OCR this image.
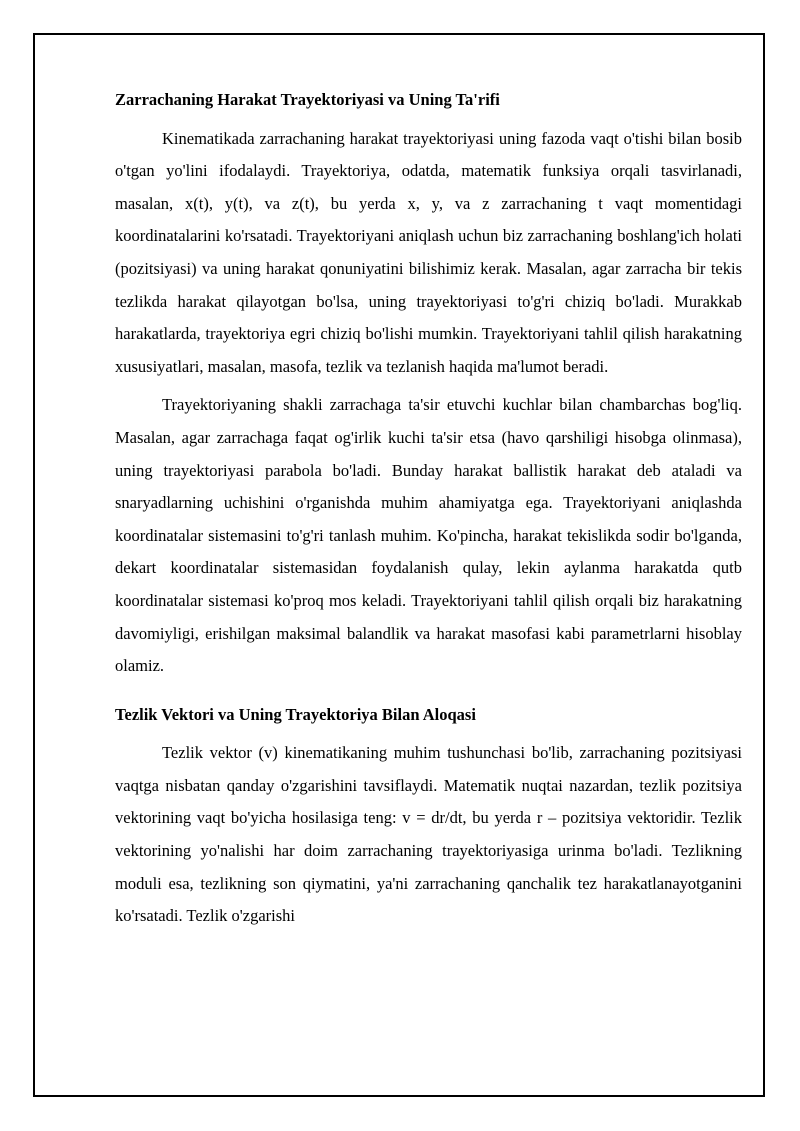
Zarrachaning Harakat Trayektoriyasi va Uning Ta'rifi

Kinematikada zarrachaning harakat trayektoriyasi uning fazoda vaqt o'tishi bilan bosib o'tgan yo'lini ifodalaydi. Trayektoriya, odatda, matematik funksiya orqali tasvirlanadi, masalan, x(t), y(t), va z(t), bu yerda x, y, va z zarrachaning t vaqt momentidagi koordinatalarini ko'rsatadi. Trayektoriyani aniqlash uchun biz zarrachaning boshlang'ich holati (pozitsiyasi) va uning harakat qonuniyatini bilishimiz kerak. Masalan, agar zarracha bir tekis tezlikda harakat qilayotgan bo'lsa, uning trayektoriyasi to'g'ri chiziq bo'ladi. Murakkab harakatlarda, trayektoriya egri chiziq bo'lishi mumkin. Trayektoriyani tahlil qilish harakatning xususiyatlari, masalan, masofa, tezlik va tezlanish haqida ma'lumot beradi.

Trayektoriyaning shakli zarrachaga ta'sir etuvchi kuchlar bilan chambarchas bog'liq. Masalan, agar zarrachaga faqat og'irlik kuchi ta'sir etsa (havo qarshiligi hisobga olinmasa), uning trayektoriyasi parabola bo'ladi. Bunday harakat ballistik harakat deb ataladi va snaryadlarning uchishini o'rganishda muhim ahamiyatga ega. Trayektoriyani aniqlashda koordinatalar sistemasini to'g'ri tanlash muhim. Ko'pincha, harakat tekislikda sodir bo'lganda, dekart koordinatalar sistemasidan foydalanish qulay, lekin aylanma harakatda qutb koordinatalar sistemasi ko'proq mos keladi. Trayektoriyani tahlil qilish orqali biz harakatning davomiyligi, erishilgan maksimal balandlik va harakat masofasi kabi parametrlarni hisoblay olamiz.

Tezlik Vektori va Uning Trayektoriya Bilan Aloqasi

Tezlik vektor (v) kinematikaning muhim tushunchasi bo'lib, zarrachaning pozitsiyasi vaqtga nisbatan qanday o'zgarishini tavsiflaydi. Matematik nuqtai nazardan, tezlik pozitsiya vektorining vaqt bo'yicha hosilasiga teng: v = dr/dt, bu yerda r – pozitsiya vektoridir. Tezlik vektorining yo'nalishi har doim zarrachaning trayektoriyasiga urinma bo'ladi. Tezlikning moduli esa, tezlikning son qiymatini, ya'ni zarrachaning qanchalik tez harakatlanayotganini ko'rsatadi. Tezlik o'zgarishi
